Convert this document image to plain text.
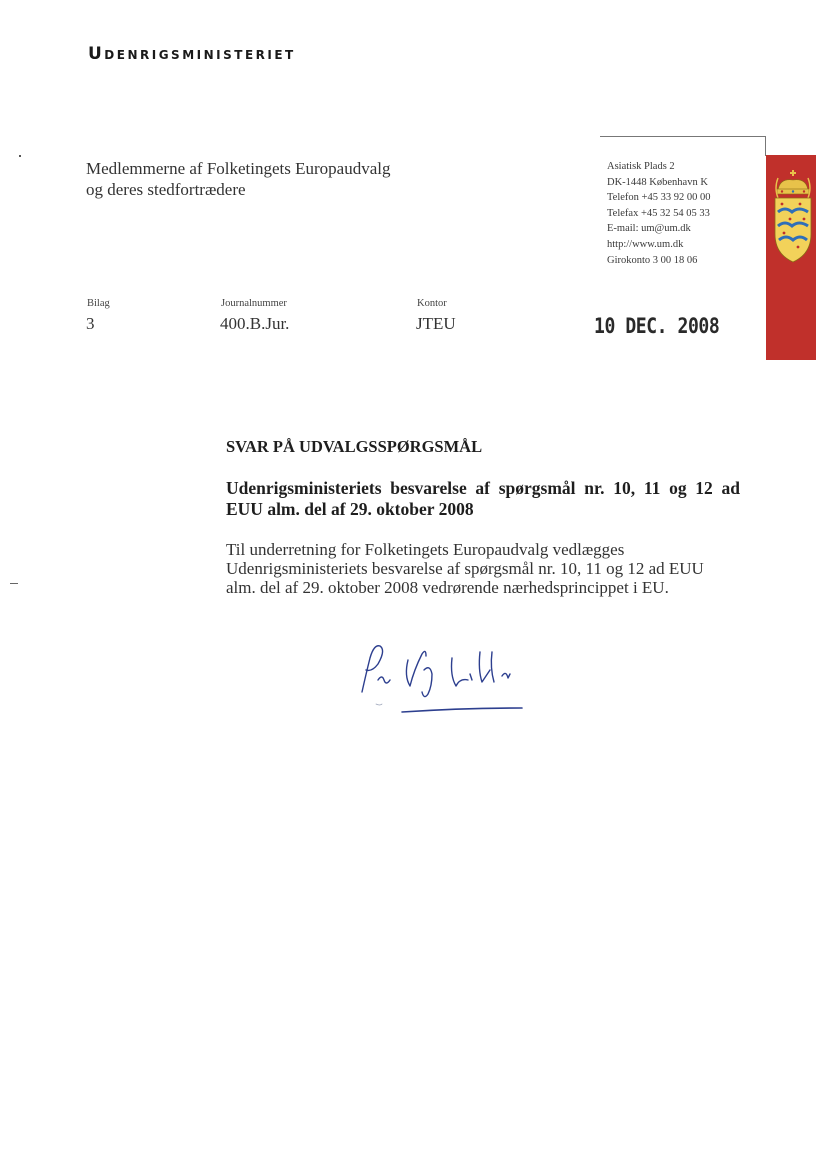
Udenrigsministeriet
Medlemmerne af Folketingets Europaudvalg
og deres stedfortrædere
Asiatisk Plads 2
DK-1448 København K
Telefon +45 33 92 00 00
Telefax +45 32 54 05 33
E-mail: um@um.dk
http://www.um.dk
Girokonto 3 00 18 06
Bilag
3
Journalnummer
400.B.Jur.
Kontor
JTEU	10 DEC. 2008
SVAR PÅ UDVALGSSPØRGSMÅL
Udenrigsministeriets besvarelse af spørgsmål nr. 10, 11 og 12 ad
EUU alm. del af 29. oktober 2008
Til underretning for Folketingets Europaudvalg vedlægges
Udenrigsministeriets besvarelse af spørgsmål nr. 10, 11 og 12 ad EUU
alm. del af 29. oktober 2008 vedrørende nærhedsprincippet i EU.
